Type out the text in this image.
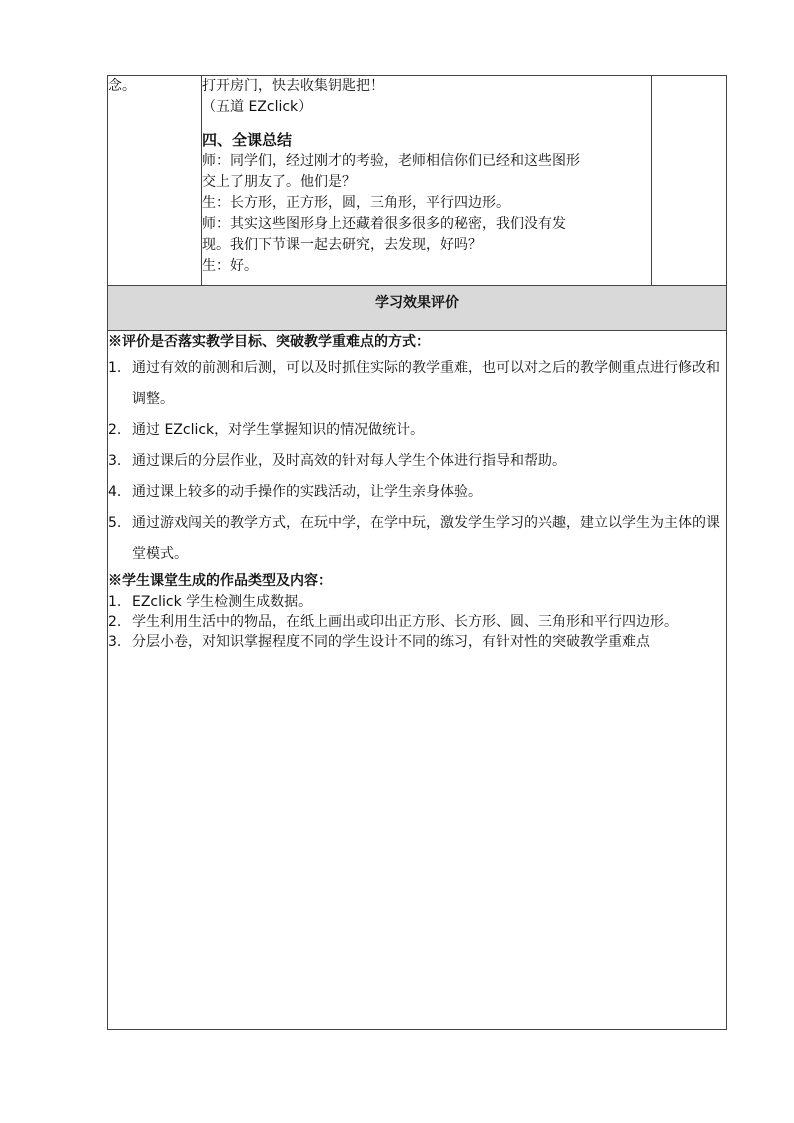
念。	打开房门，快去收集钥匙把！
（五道 EZclick）
四、全课总结
师：同学们，经过刚才的考验，老师相信你们已经和这些图形
交上了朋友了。他们是？
生：长方形，正方形，圆，三角形，平行四边形。
师：其实这些图形身上还藏着很多很多的秘密，我们没有发
现。我们下节课一起去研究，去发现，好吗？
生：好。

学习效果评价

※评价是否落实教学目标、突破教学重难点的方式：
1. 通过有效的前测和后测，可以及时抓住实际的教学重难，也可以对之后的教学侧重点进行修改和调整。
2. 通过 EZclick，对学生掌握知识的情况做统计。
3. 通过课后的分层作业，及时高效的针对每人学生个体进行指导和帮助。
4. 通过课上较多的动手操作的实践活动，让学生亲身体验。
5. 通过游戏闯关的教学方式，在玩中学，在学中玩，激发学生学习的兴趣，建立以学生为主体的课堂模式。
※学生课堂生成的作品类型及内容：
1. EZclick 学生检测生成数据。
2. 学生利用生活中的物品，在纸上画出或印出正方形、长方形、圆、三角形和平行四边形。
3. 分层小卷，对知识掌握程度不同的学生设计不同的练习，有针对性的突破教学重难点
